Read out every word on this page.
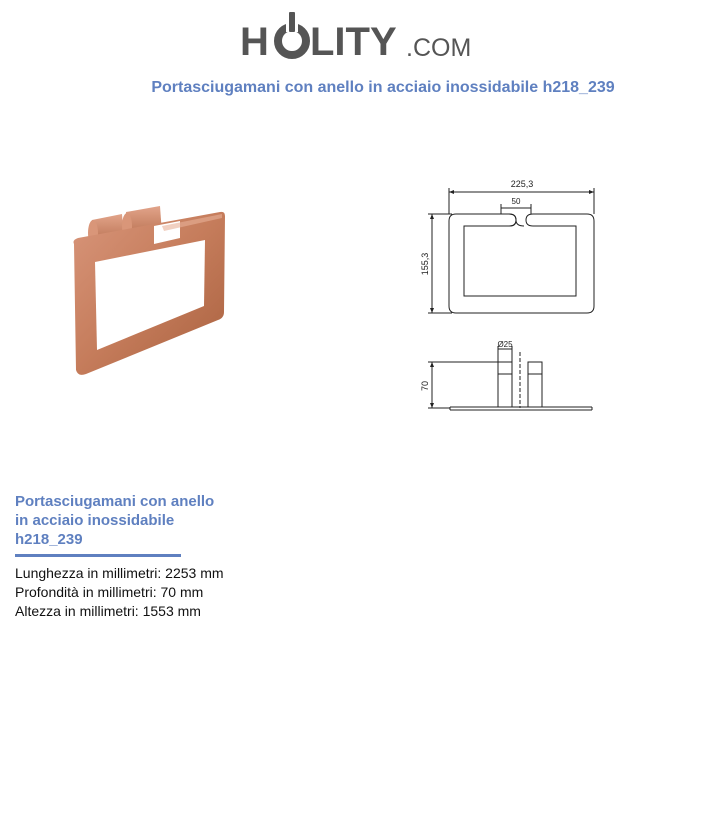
H LITY .COM
Portasciugamani con anello in acciaio inossidabile h218_239
225,3
50
155,3
Ø25
70
Portasciugamani con anello
in acciaio inossidabile
h218_239
Lunghezza in millimetri: 2253 mm
Profondità in millimetri: 70 mm
Altezza in millimetri: 1553 mm
